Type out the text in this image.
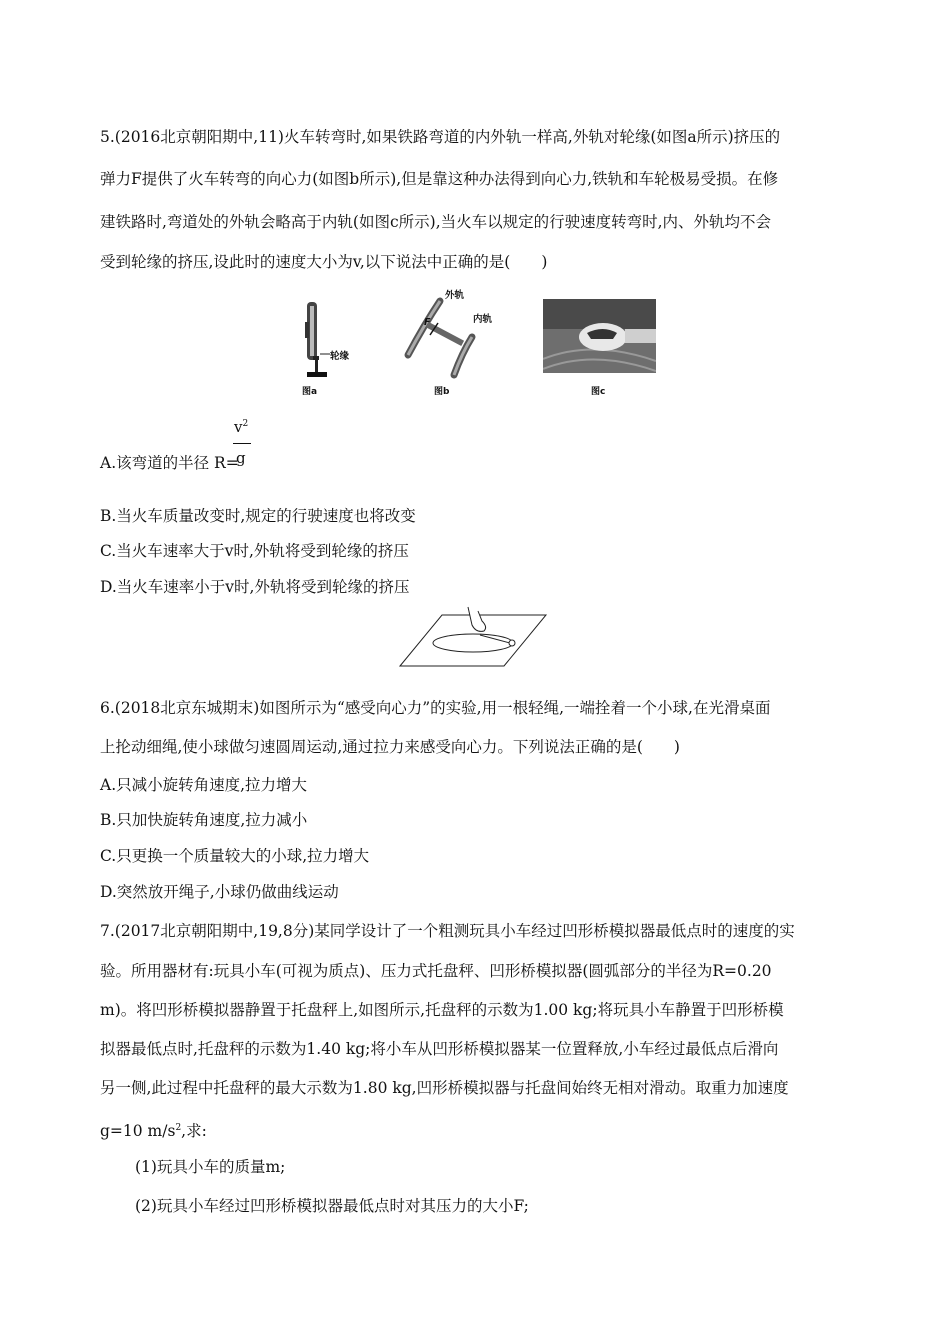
5.(2016北京朝阳期中,11)火车转弯时,如果铁路弯道的内外轨一样高,外轨对轮缘(如图a所示)挤压的
弹力F提供了火车转弯的向心力(如图b所示),但是靠这种办法得到向心力,铁轨和车轮极易受损。在修
建铁路时,弯道处的外轨会略高于内轨(如图c所示),当火车以规定的行驶速度转弯时,内、外轨均不会
受到轮缘的挤压,设此时的速度大小为v,以下说法中正确的是(　　)
轮缘
图a
外轨
内轨
F
图b	图c
A.该弯道的半径 R=
$v^2$
g
B.当火车质量改变时,规定的行驶速度也将改变
C.当火车速率大于v时,外轨将受到轮缘的挤压
D.当火车速率小于v时,外轨将受到轮缘的挤压
6.(2018北京东城期末)如图所示为“感受向心力”的实验,用一根轻绳,一端拴着一个小球,在光滑桌面
上抡动细绳,使小球做匀速圆周运动,通过拉力来感受向心力。下列说法正确的是(　　)
A.只减小旋转角速度,拉力增大
B.只加快旋转角速度,拉力减小
C.只更换一个质量较大的小球,拉力增大
D.突然放开绳子,小球仍做曲线运动
7.(2017北京朝阳期中,19,8分)某同学设计了一个粗测玩具小车经过凹形桥模拟器最低点时的速度的实
验。所用器材有:玩具小车(可视为质点)、压力式托盘秤、凹形桥模拟器(圆弧部分的半径为R=0.20
m)。将凹形桥模拟器静置于托盘秤上,如图所示,托盘秤的示数为1.00 kg;将玩具小车静置于凹形桥模
拟器最低点时,托盘秤的示数为1.40 kg;将小车从凹形桥模拟器某一位置释放,小车经过最低点后滑向
另一侧,此过程中托盘秤的最大示数为1.80 kg,凹形桥模拟器与托盘间始终无相对滑动。取重力加速度
g=10 $m/s^2$,求:
(1)玩具小车的质量m;
(2)玩具小车经过凹形桥模拟器最低点时对其压力的大小F;
